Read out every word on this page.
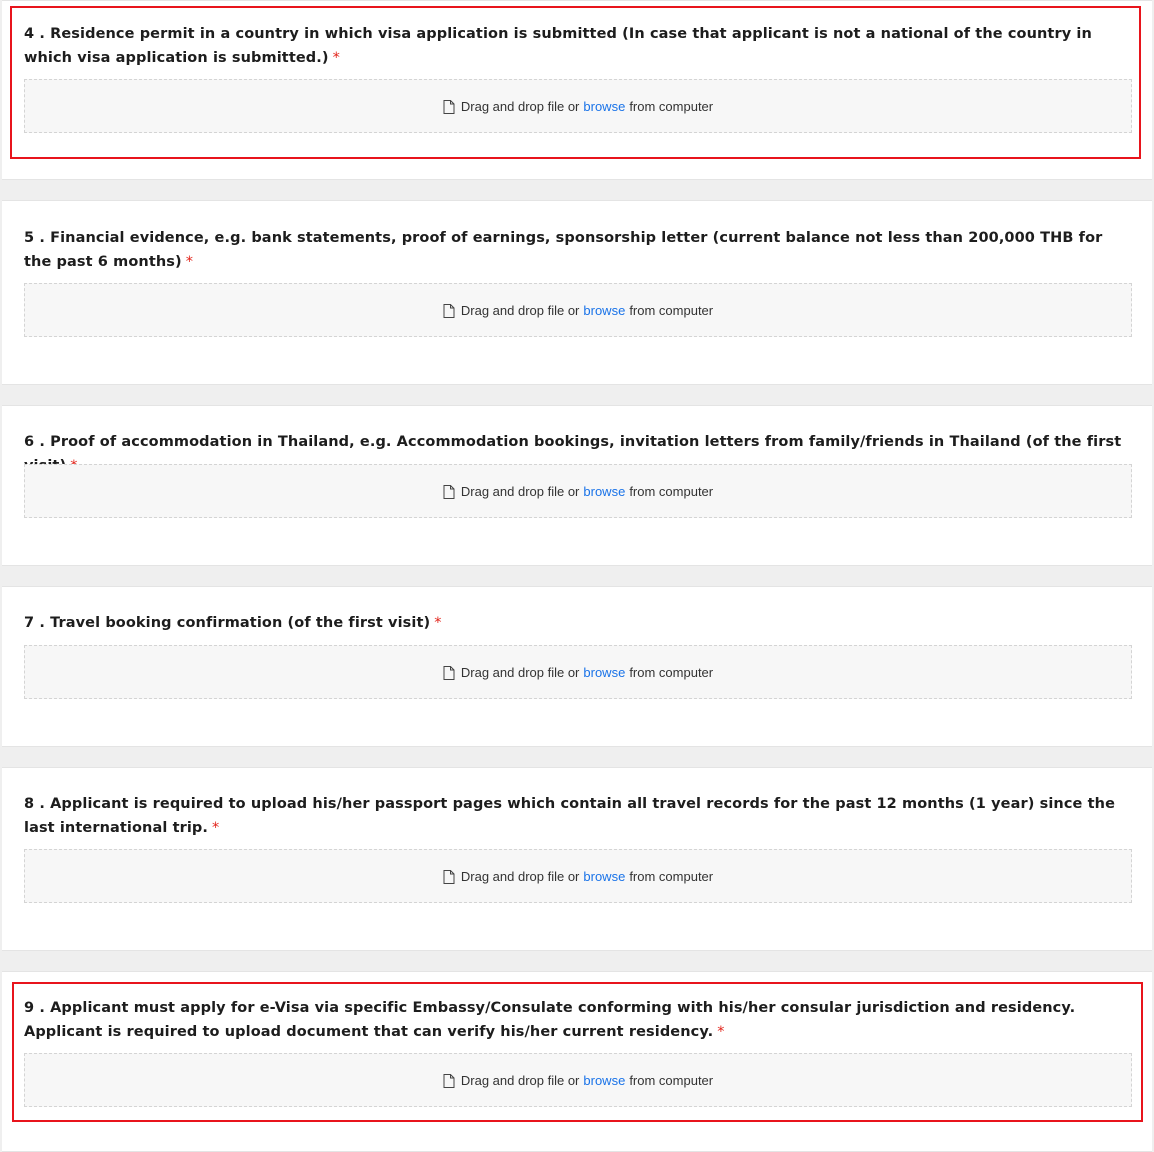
4 . Residence permit in a country in which visa application is submitted (In case that applicant is not a national of the country in which visa application is submitted.) *

Drag and drop file or browse from computer

5 . Financial evidence, e.g. bank statements, proof of earnings, sponsorship letter (current balance not less than 200,000 THB for the past 6 months) *

Drag and drop file or browse from computer

6 . Proof of accommodation in Thailand, e.g. Accommodation bookings, invitation letters from family/friends in Thailand (of the first

Drag and drop file or browse from computer

7 . Travel booking confirmation (of the first visit) *

Drag and drop file or browse from computer

8 . Applicant is required to upload his/her passport pages which contain all travel records for the past 12 months (1 year) since the last international trip. *

Drag and drop file or browse from computer

9 . Applicant must apply for e-Visa via specific Embassy/Consulate conforming with his/her consular jurisdiction and residency. Applicant is required to upload document that can verify his/her current residency. *

Drag and drop file or browse from computer
